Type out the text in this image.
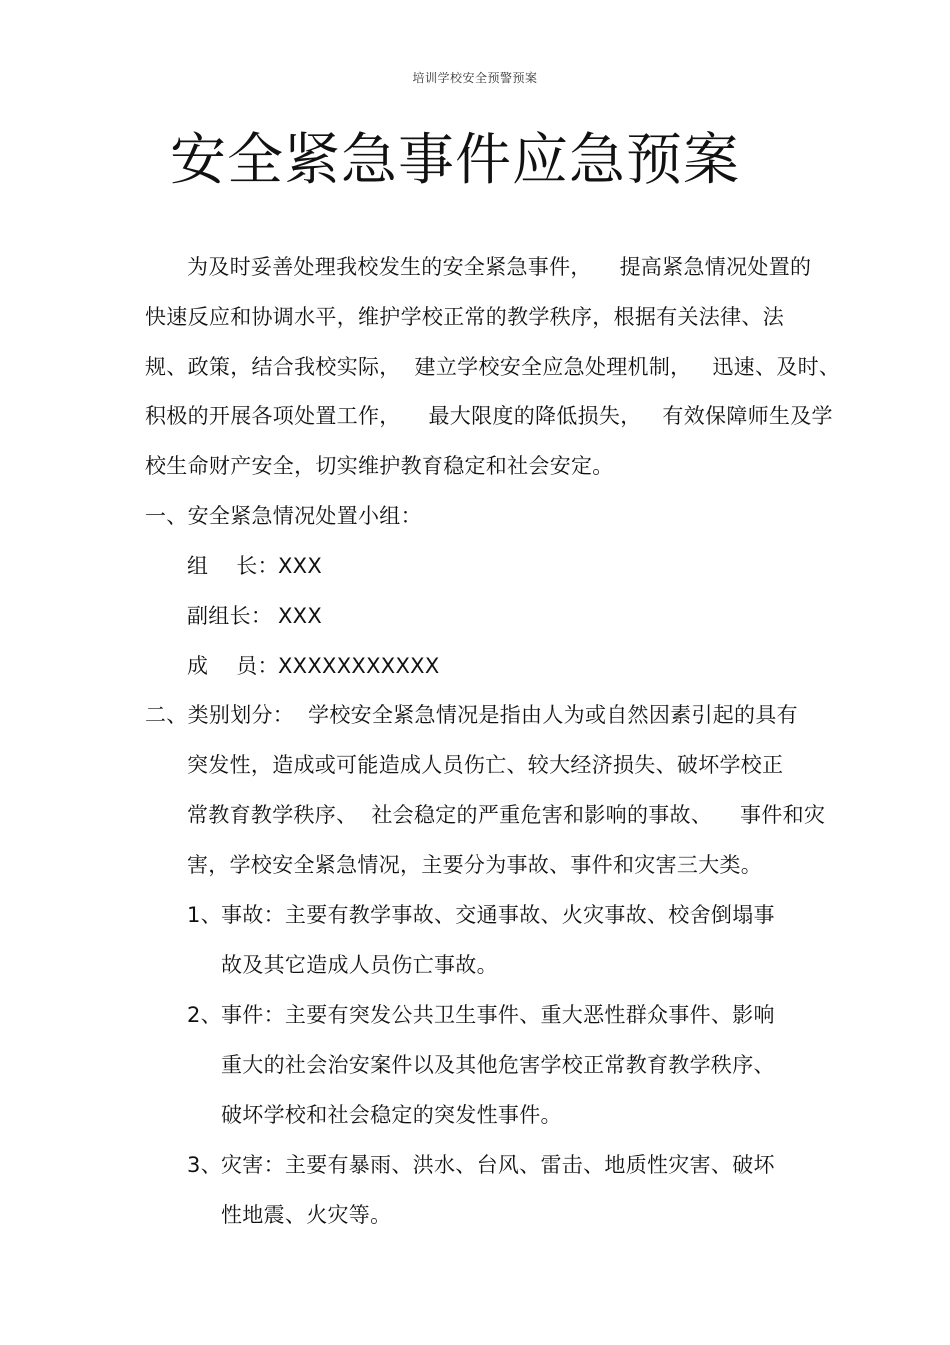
培训学校安全预警预案
安全紧急事件应急预案
为及时妥善处理我校发生的安全紧急事件，    提高紧急情况处置的
快速反应和协调水平，维护学校正常的教学秩序，根据有关法律、法
规、政策，结合我校实际，  建立学校安全应急处理机制，   迅速、及时、
积极的开展各项处置工作，    最大限度的降低损失，   有效保障师生及学
校生命财产安全，切实维护教育稳定和社会安定。
一、安全紧急情况处置小组：
组    长： XXX
副组长： XXX
成    员： XXXXXXXXXXX
二、类别划分：  学校安全紧急情况是指由人为或自然因素引起的具有
突发性，造成或可能造成人员伤亡、较大经济损失、破坏学校正
常教育教学秩序、  社会稳定的严重危害和影响的事故、    事件和灾
害，学校安全紧急情况，主要分为事故、事件和灾害三大类。
1、 事故：主要有教学事故、交通事故、火灾事故、校舍倒塌事
故及其它造成人员伤亡事故。
2、 事件：主要有突发公共卫生事件、重大恶性群众事件、影响
重大的社会治安案件以及其他危害学校正常教育教学秩序、
破坏学校和社会稳定的突发性事件。
3、 灾害：主要有暴雨、洪水、台风、雷击、地质性灾害、破坏
性地震、火灾等。
